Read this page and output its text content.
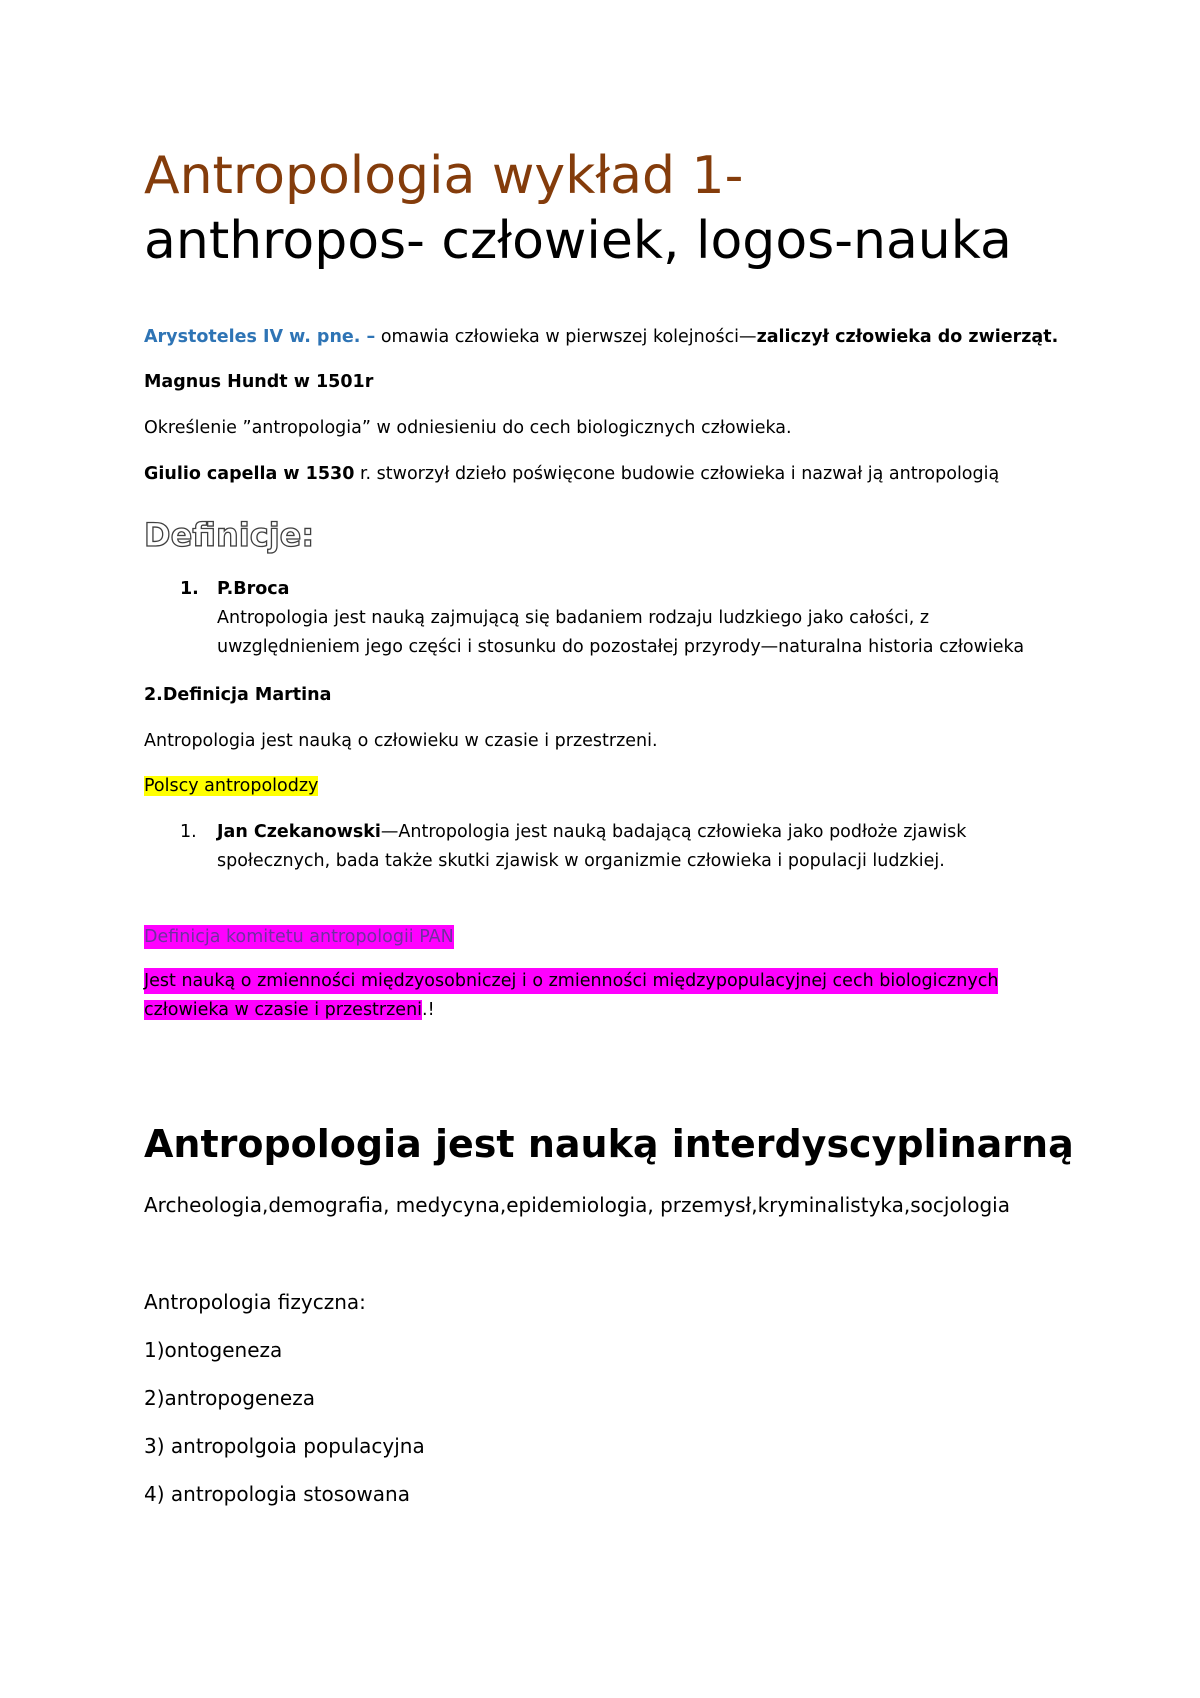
Antropologia wykład 1-
anthropos- człowiek, logos-nauka
Arystoteles IV w. pne. – omawia człowieka w pierwszej kolejności—zaliczył człowieka do zwierząt.
Magnus Hundt w 1501r
Określenie ”antropologia” w odniesieniu do cech biologicznych człowieka.
Giulio capella w 1530 r. stworzył dzieło poświęcone budowie człowieka i nazwał ją antropologią
Definicje:
1. P.Broca
Antropologia jest nauką zajmującą się badaniem rodzaju ludzkiego jako całości, z
uwzględnieniem jego części i stosunku do pozostałej przyrody—naturalna historia człowieka
2.Definicja Martina
Antropologia jest nauką o człowieku w czasie i przestrzeni.
Polscy antropolodzy
1. Jan Czekanowski—Antropologia jest nauką badającą człowieka jako podłoże zjawisk
społecznych, bada także skutki zjawisk w organizmie człowieka i populacji ludzkiej.
Definicja komitetu antropologii PAN
Jest nauką o zmienności międzyosobniczej i o zmienności międzypopulacyjnej cech biologicznych
człowieka w czasie i przestrzeni.!
Antropologia jest nauką interdyscyplinarną
Archeologia,demografia, medycyna,epidemiologia, przemysł,kryminalistyka,socjologia
Antropologia fizyczna:
1)ontogeneza
2)antropogeneza
3) antropolgoia populacyjna
4) antropologia stosowana
